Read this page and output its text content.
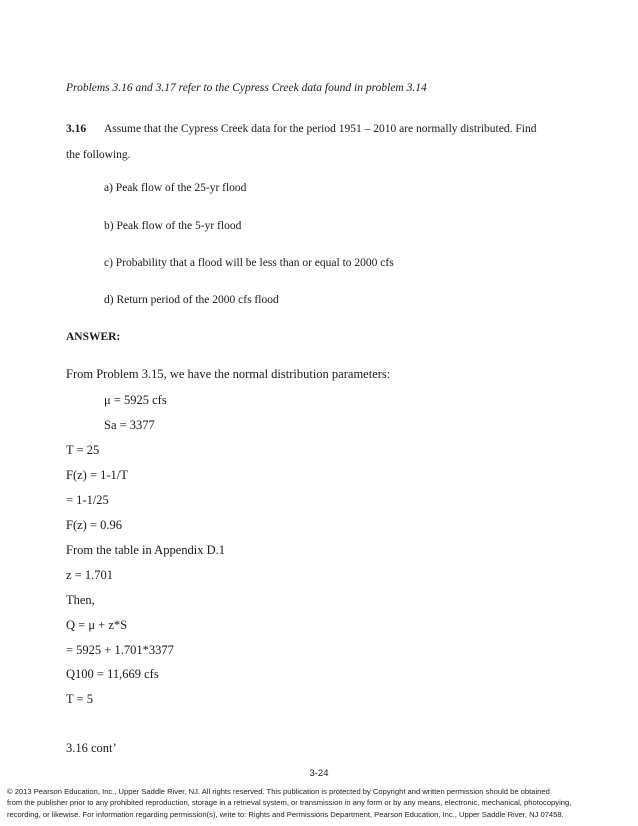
Problems 3.16 and 3.17 refer to the Cypress Creek data found in problem 3.14
3.16 Assume that the Cypress Creek data for the period 1951 – 2010 are normally distributed. Find
the following.
a) Peak flow of the 25-yr flood
b) Peak flow of the 5-yr flood
c) Probability that a flood will be less than or equal to 2000 cfs
d) Return period of the 2000 cfs flood
ANSWER:
From Problem 3.15, we have the normal distribution parameters:
μ = 5925 cfs
Sa = 3377
T = 25
F(z) = 1-1/T
= 1-1/25
F(z) = 0.96
From the table in Appendix D.1
z = 1.701
Then,
Q = μ + z*S
= 5925 + 1.701*3377
Q100 = 11,669 cfs
T = 5
3.16 cont’
3-24
© 2013 Pearson Education, Inc., Upper Saddle River, NJ. All rights reserved. This publication is protected by Copyright and written permission should be obtained
from the publisher prior to any prohibited reproduction, storage in a retrieval system, or transmission in any form or by any means, electronic, mechanical, photocopying,
recording, or likewise. For information regarding permission(s), write to: Rights and Permissions Department, Pearson Education, Inc., Upper Saddle River, NJ 07458.
